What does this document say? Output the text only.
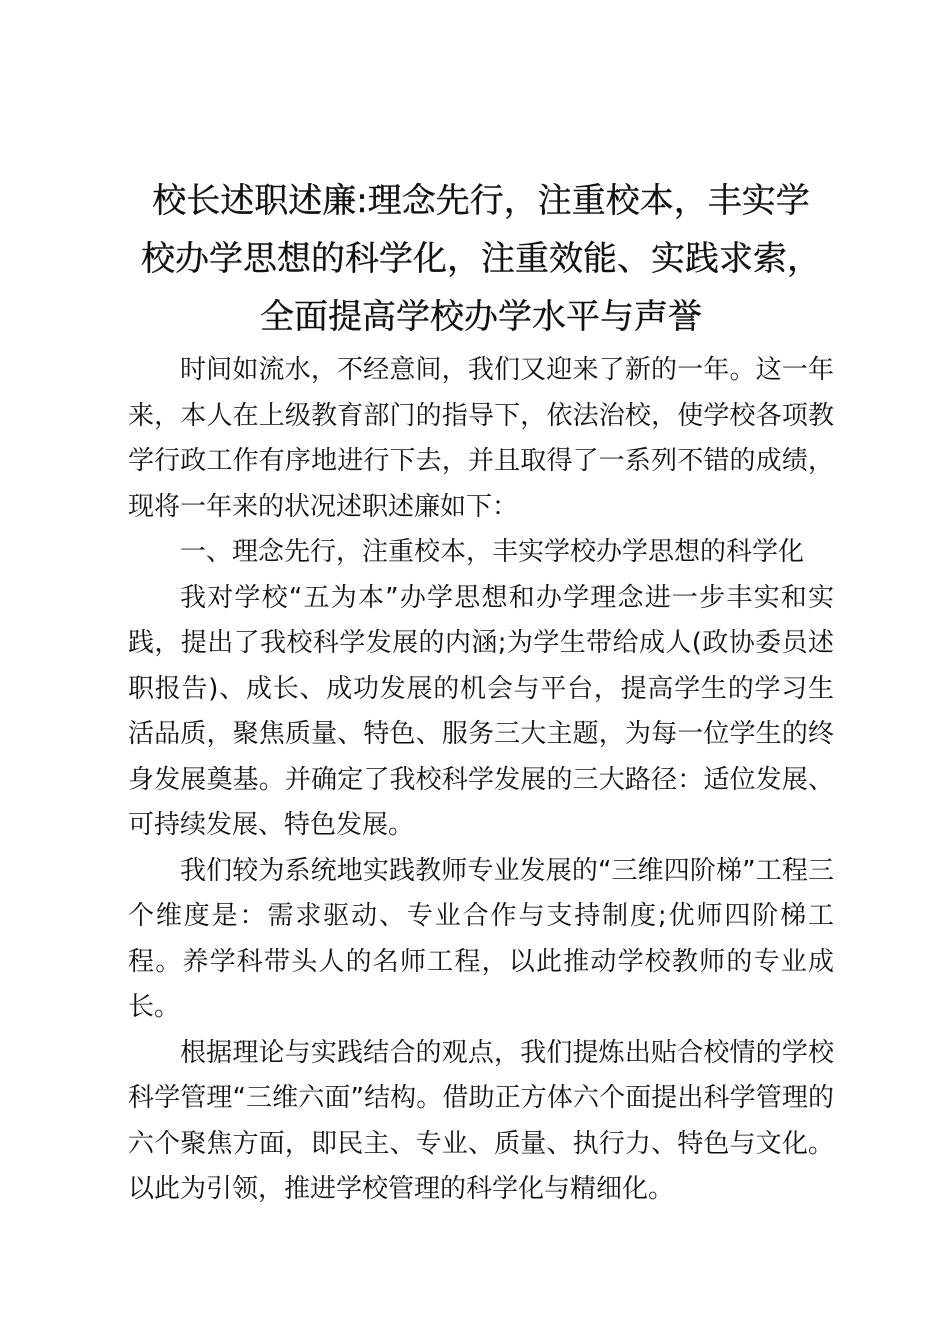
校长述职述廉:理念先行，注重校本，丰实学
校办学思想的科学化，注重效能、实践求索，
全面提高学校办学水平与声誉

时间如流水，不经意间，我们又迎来了新的一年。这一年来，本人在上级教育部门的指导下，依法治校，使学校各项教学行政工作有序地进行下去，并且取得了一系列不错的成绩，现将一年来的状况述职述廉如下：

一、理念先行，注重校本，丰实学校办学思想的科学化

我对学校“五为本”办学思想和办学理念进一步丰实和实践，提出了我校科学发展的内涵;为学生带给成人(政协委员述职报告)、成长、成功发展的机会与平台，提高学生的学习生活品质，聚焦质量、特色、服务三大主题，为每一位学生的终身发展奠基。并确定了我校科学发展的三大路径：适位发展、可持续发展、特色发展。

我们较为系统地实践教师专业发展的“三维四阶梯”工程三个维度是：需求驱动、专业合作与支持制度;优师四阶梯工程。养学科带头人的名师工程，以此推动学校教师的专业成长。

根据理论与实践结合的观点，我们提炼出贴合校情的学校科学管理“三维六面”结构。借助正方体六个面提出科学管理的六个聚焦方面，即民主、专业、质量、执行力、特色与文化。以此为引领，推进学校管理的科学化与精细化。
